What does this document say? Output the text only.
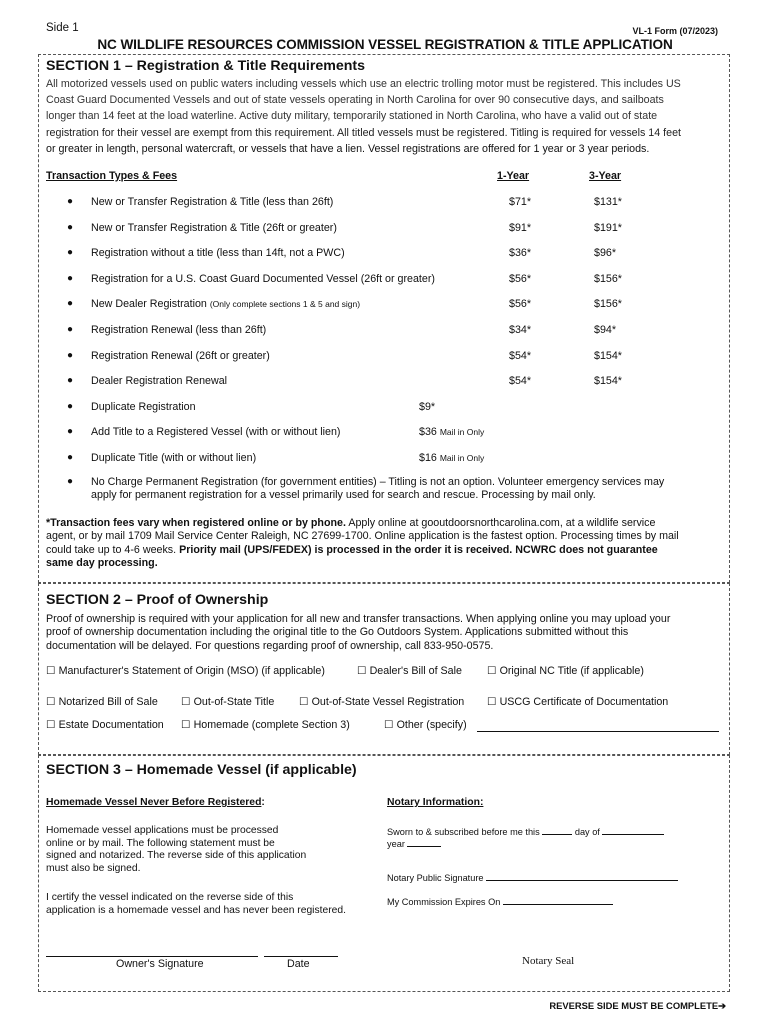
Side 1	VL-1 Form (07/2023)
NC WILDLIFE RESOURCES COMMISSION VESSEL REGISTRATION & TITLE APPLICATION
SECTION 1 – Registration & Title Requirements
All motorized vessels used on public waters including vessels which use an electric trolling motor must be registered. This includes US
Coast Guard Documented Vessels and out of state vessels operating in North Carolina for over 90 consecutive days, and sailboats
longer than 14 feet at the load waterline. Active duty military, temporarily stationed in North Carolina, who have a valid out of state
registration for their vessel are exempt from this requirement. All titled vessels must be registered. Titling is required for vessels 14 feet
or greater in length, personal watercraft, or vessels that have a lien. Vessel registrations are offered for 1 year or 3 year periods.
Transaction Types & Fees	1-Year	3-Year
● New or Transfer Registration & Title (less than 26ft)	$71*	$131*
● New or Transfer Registration & Title (26ft or greater)	$91*	$191*
● Registration without a title (less than 14ft, not a PWC)	$36*	$96*
● Registration for a U.S. Coast Guard Documented Vessel (26ft or greater)	$56*	$156*
● New Dealer Registration (Only complete sections 1 & 5 and sign)	$56*	$156*
● Registration Renewal (less than 26ft)	$34*	$94*
● Registration Renewal (26ft or greater)	$54*	$154*
● Dealer Registration Renewal	$54*	$154*
● Duplicate Registration	$9*
● Add Title to a Registered Vessel (with or without lien)	$36 Mail in Only
● Duplicate Title (with or without lien)	$16 Mail in Only
No Charge Permanent Registration (for government entities) – Titling is not an option. Volunteer emergency services may
apply for permanent registration for a vessel primarily used for search and rescue. Processing by mail only.
●
*Transaction fees vary when registered online or by phone. Apply online at gooutdoorsnorthcarolina.com, at a wildlife service
agent, or by mail 1709 Mail Service Center Raleigh, NC 27699-1700. Online application is the fastest option. Processing times by mail
could take up to 4-6 weeks. Priority mail (UPS/FEDEX) is processed in the order it is received. NCWRC does not guarantee
same day processing.
SECTION 2 – Proof of Ownership
Proof of ownership is required with your application for all new and transfer transactions. When applying online you may upload your
proof of ownership documentation including the original title to the Go Outdoors System. Applications submitted without this
documentation will be delayed. For questions regarding proof of ownership, call 833-950-0575.
☐ Manufacturer's Statement of Origin (MSO) (if applicable)	☐ Dealer's Bill of Sale ☐ Original NC Title (if applicable)
☐ Notarized Bill of Sale ☐ Out-of-State Title ☐ Out-of-State Vessel Registration ☐ USCG Certificate of Documentation
☐ Estate Documentation ☐ Homemade (complete Section 3)	☐ Other (specify)
SECTION 3 – Homemade Vessel (if applicable)
Homemade Vessel Never Before Registered:
Homemade vessel applications must be processed
online or by mail. The following statement must be
signed and notarized. The reverse side of this application
must also be signed.
I certify the vessel indicated on the reverse side of this
application is a homemade vessel and has never been registered.
Owner's Signature	Date
Notary Information:
Sworn to & subscribed before me this	day of
year
Notary Public Signature
My Commission Expires On
Notary Seal
REVERSE SIDE MUST BE COMPLETE➔
